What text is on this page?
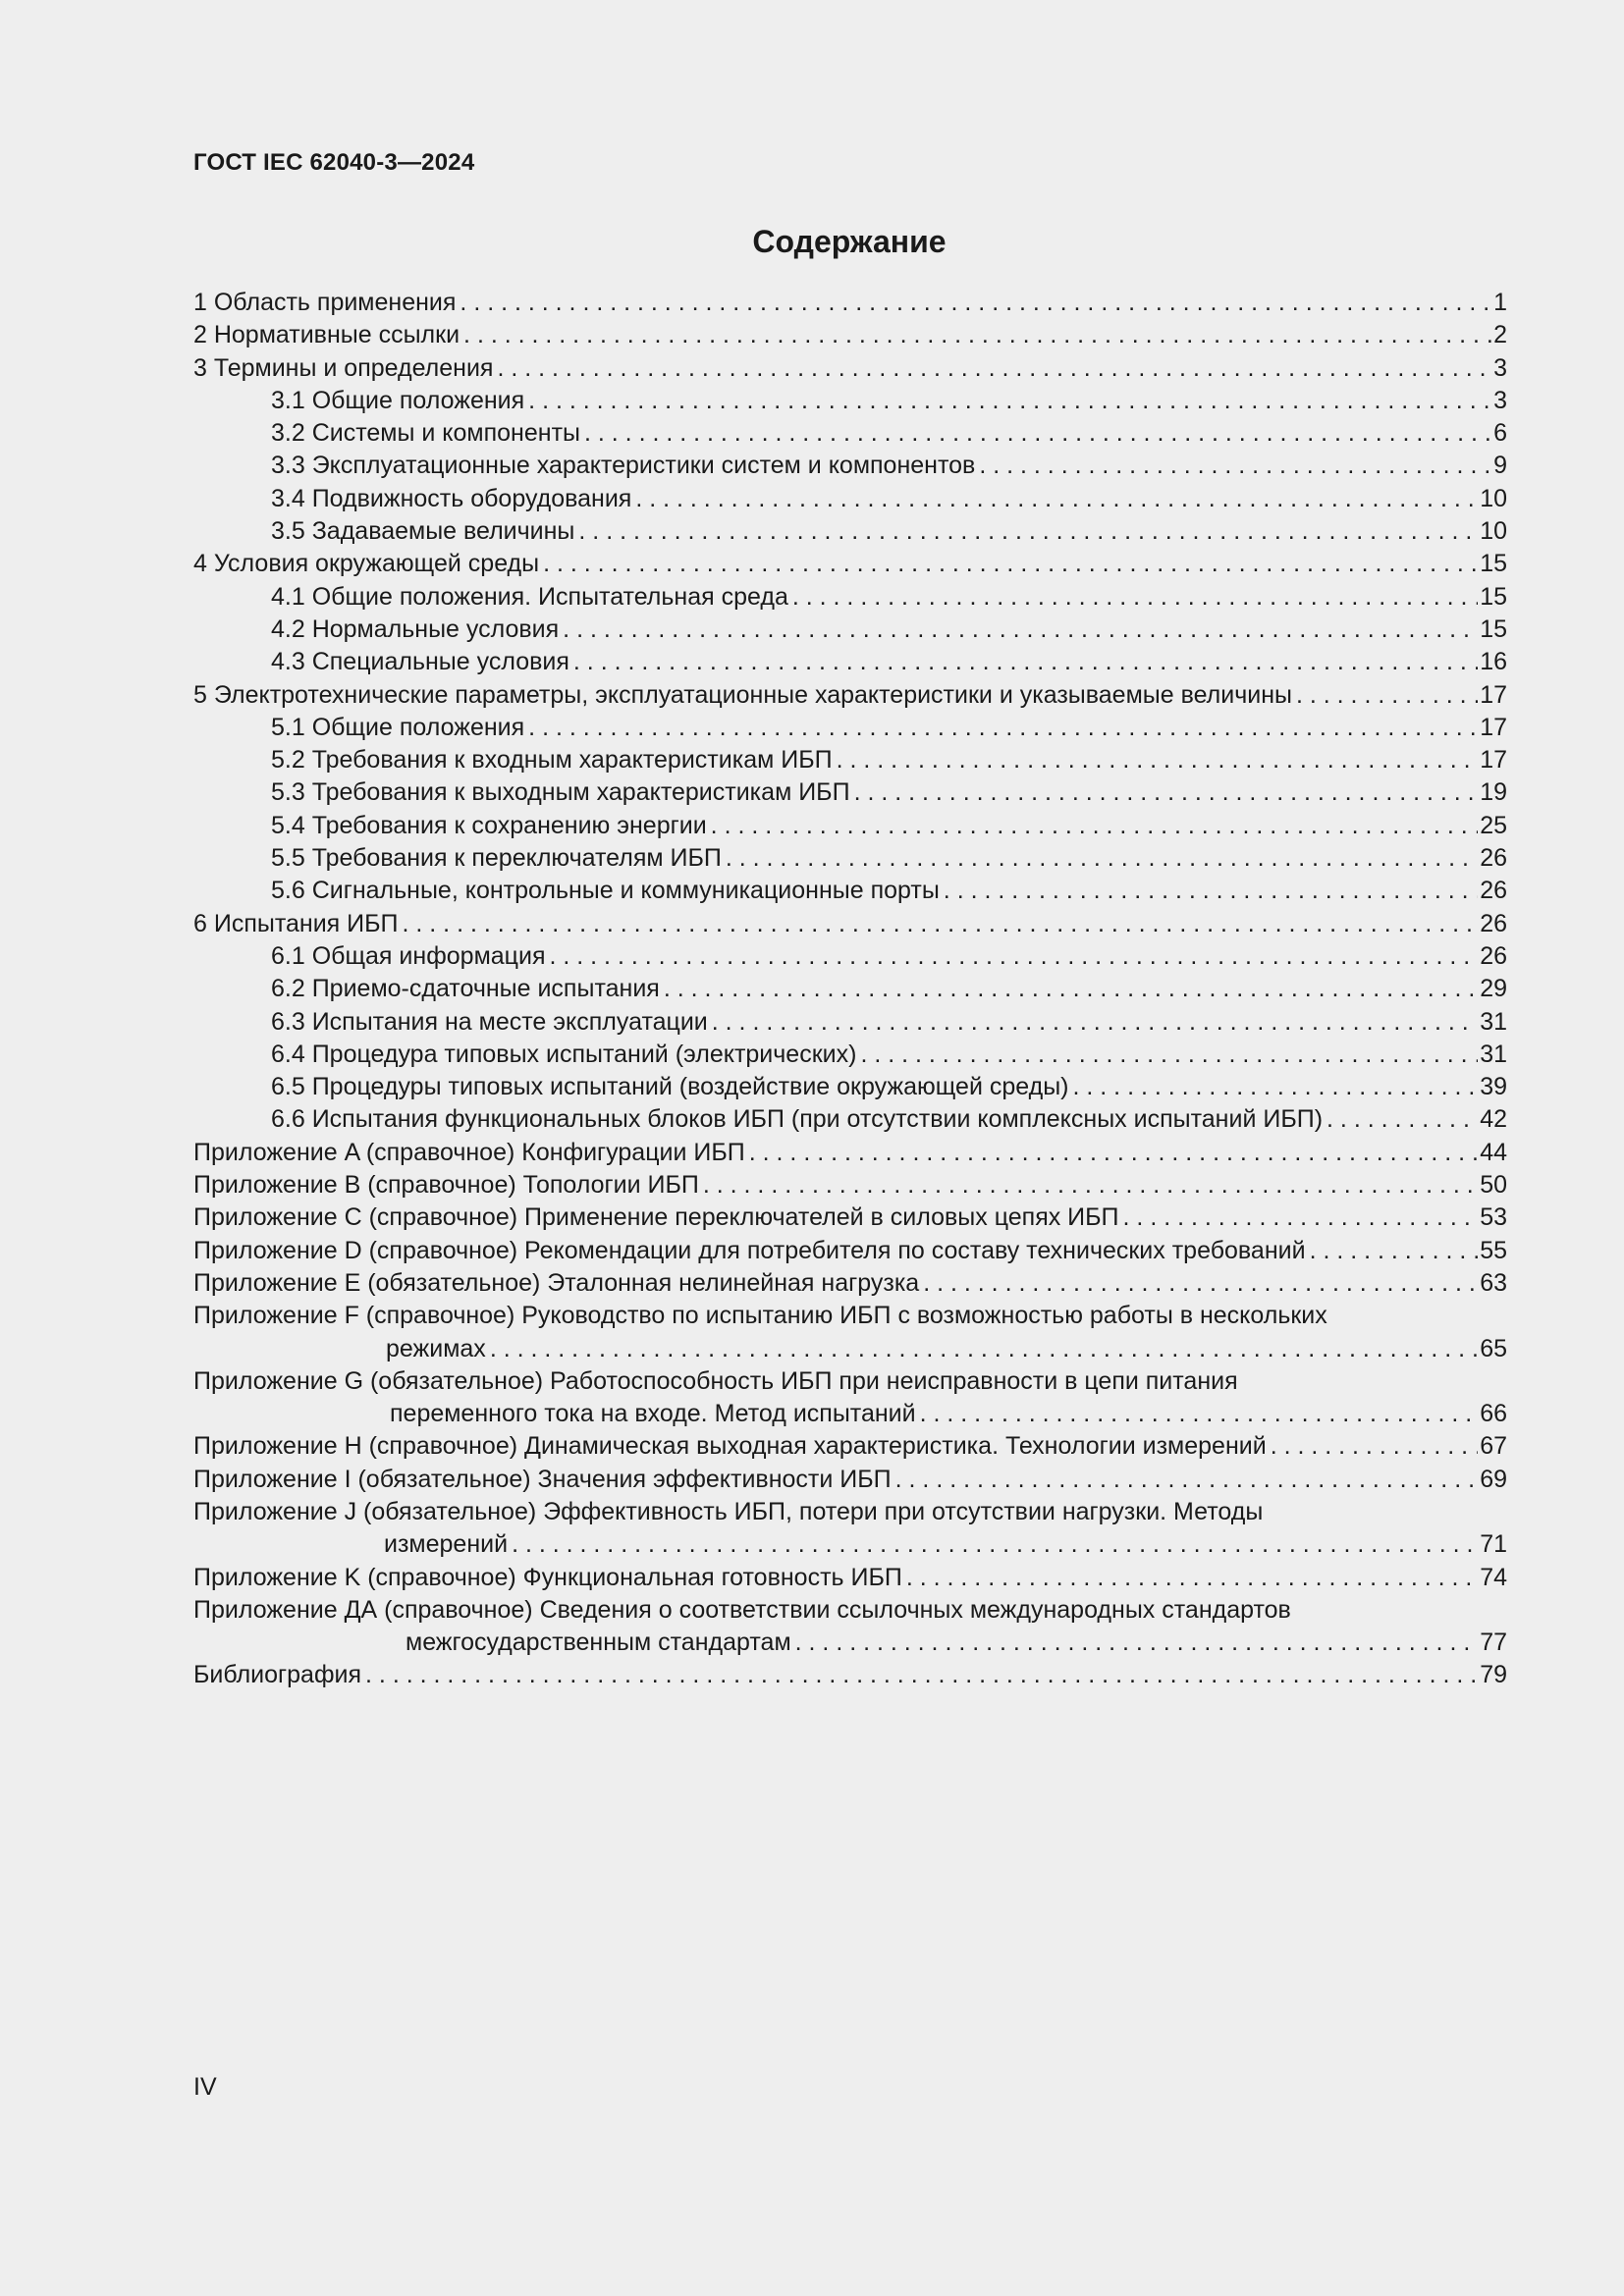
ГОСТ IEC 62040-3—2024
Содержание
1 Область применения . . .	1
2 Нормативные ссылки . . .	2
3 Термины и определения . . .	3
3.1 Общие положения . . .	3
3.2 Системы и компоненты . . .	6
3.3 Эксплуатационные характеристики систем и компонентов . . .	9
3.4 Подвижность оборудования . . .	10
3.5 Задаваемые величины . . .	10
4 Условия окружающей среды . . .	15
4.1 Общие положения. Испытательная среда . . .	15
4.2 Нормальные условия . . .	15
4.3 Специальные условия . . .	16
5 Электротехнические параметры, эксплуатационные характеристики и указываемые величины . . .	17
5.1 Общие положения . . .	17
5.2 Требования к входным характеристикам ИБП . . .	17
5.3 Требования к выходным характеристикам ИБП . . .	19
5.4 Требования к сохранению энергии . . .	25
5.5 Требования к переключателям ИБП . . .	26
5.6 Сигнальные, контрольные и коммуникационные порты . . .	26
6 Испытания ИБП . . .	26
6.1 Общая информация . . .	26
6.2 Приемо-сдаточные испытания . . .	29
6.3 Испытания на месте эксплуатации . . .	31
6.4 Процедура типовых испытаний (электрических) . . .	31
6.5 Процедуры типовых испытаний (воздействие окружающей среды) . . .	39
6.6 Испытания функциональных блоков ИБП (при отсутствии комплексных испытаний ИБП) . . .	42
Приложение A (справочное) Конфигурации ИБП . . .	44
Приложение B (справочное) Топологии ИБП . . .	50
Приложение C (справочное) Применение переключателей в силовых цепях ИБП . . .	53
Приложение D (справочное) Рекомендации для потребителя по составу технических требований . . .	55
Приложение E (обязательное) Эталонная нелинейная нагрузка . . .	63
Приложение F (справочное) Руководство по испытанию ИБП с возможностью работы в нескольких
режимах . . .	65
Приложение G (обязательное) Работоспособность ИБП при неисправности в цепи питания
переменного тока на входе. Метод испытаний . . .	66
Приложение H (справочное) Динамическая выходная характеристика. Технологии измерений . . .	67
Приложение I (обязательное) Значения эффективности ИБП . . .	69
Приложение J (обязательное) Эффективность ИБП, потери при отсутствии нагрузки. Методы
измерений . . .	71
Приложение K (справочное) Функциональная готовность ИБП . . .	74
Приложение ДА (справочное) Сведения о соответствии ссылочных международных стандартов
межгосударственным стандартам . . .	77
Библиография . . .	79
IV
